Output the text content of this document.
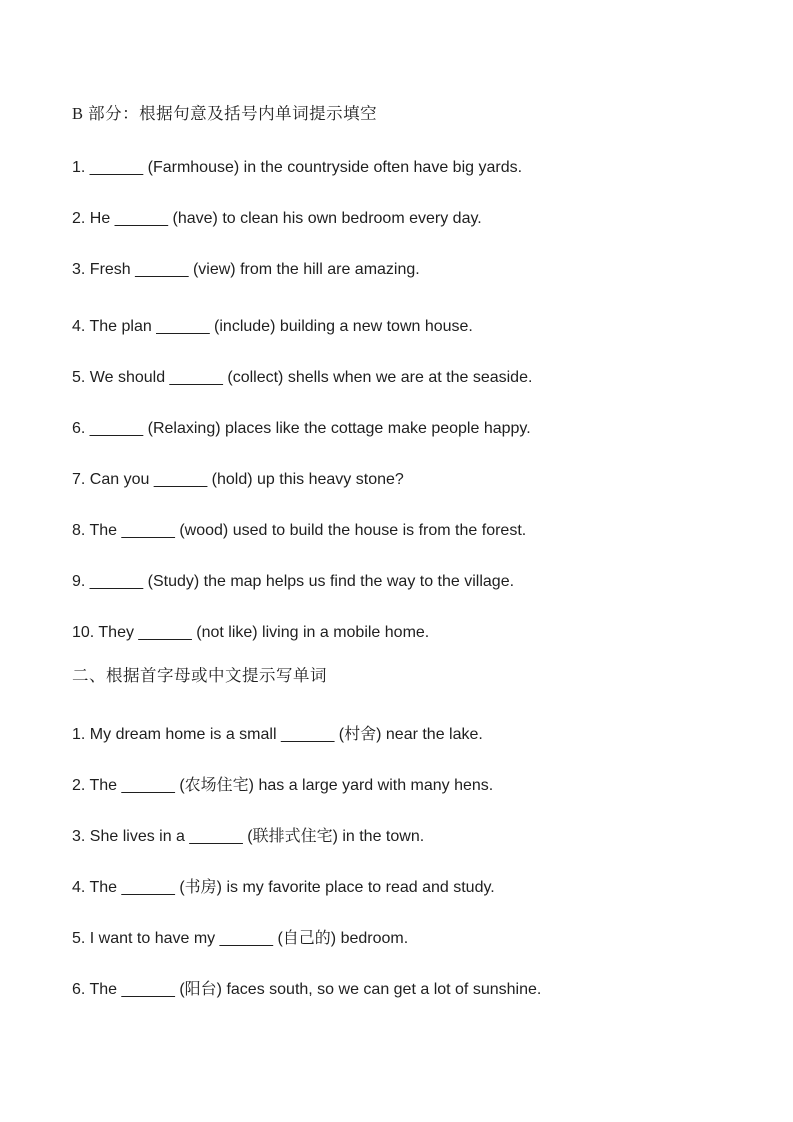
B 部分：根据句意及括号内单词提示填空

1. ______ (Farmhouse) in the countryside often have big yards.

2. He ______ (have) to clean his own bedroom every day.

3. Fresh ______ (view) from the hill are amazing.

4. The plan ______ (include) building a new town house.

5. We should ______ (collect) shells when we are at the seaside.

6. ______ (Relaxing) places like the cottage make people happy.

7. Can you ______ (hold) up this heavy stone?

8. The ______ (wood) used to build the house is from the forest.

9. ______ (Study) the map helps us find the way to the village.

10. They ______ (not like) living in a mobile home.

二、根据首字母或中文提示写单词

1. My dream home is a small ______ (村舍) near the lake.

2. The ______ (农场住宅) has a large yard with many hens.

3. She lives in a ______ (联排式住宅) in the town.

4. The ______ (书房) is my favorite place to read and study.

5. I want to have my ______ (自己的) bedroom.

6. The ______ (阳台) faces south, so we can get a lot of sunshine.
